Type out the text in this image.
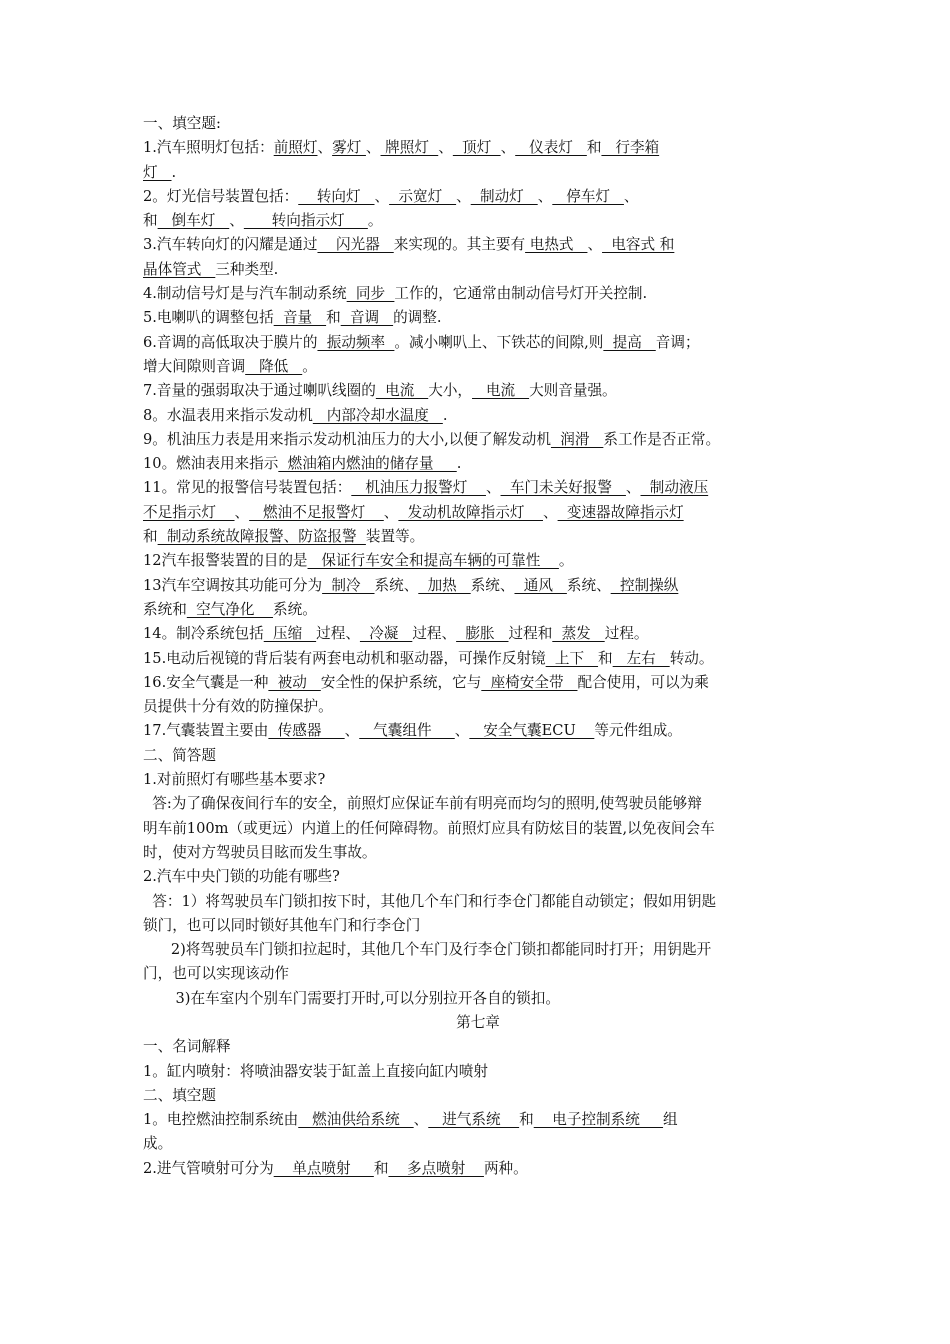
一、填空题:
1.汽车照明灯包括：前照灯、雾灯 、 牌照灯  、  顶灯  、   仪表灯   和   行李箱
灯   .
2。灯光信号装置包括：    转向灯   、  示宽灯   、  制动灯   、   停车灯   、
和   倒车灯   、      转向指示灯     。
3.汽车转向灯的闪耀是通过    闪光器   来实现的。其主要有 电热式   、  电容式 和
晶体管式   三种类型.
4.制动信号灯是与汽车制动系统  同步  工作的，它通常由制动信号灯开关控制.
5.电喇叭的调整包括  音量   和  音调   的调整.
6.音调的高低取决于膜片的  振动频率  。减小喇叭上、下铁芯的间隙,则  提高   音调；
增大间隙则音调   降低   。
7.音量的强弱取决于通过喇叭线圈的  电流   大小，   电流   大则音量强。
8。水温表用来指示发动机   内部冷却水温度   .
9。机油压力表是用来指示发动机油压力的大小,以便了解发动机  润滑   系工作是否正常。
10。燃油表用来指示  燃油箱内燃油的储存量     .
11。常见的报警信号装置包括：   机油压力报警灯    、  车门未关好报警   、  制动液压
不足指示灯    、   燃油不足报警灯    、  发动机故障指示灯    、  变速器故障指示灯
和  制动系统故障报警、防盗报警  装置等。
12汽车报警装置的目的是   保证行车安全和提高车辆的可靠性    。
13汽车空调按其功能可分为  制冷   系统、  加热   系统、  通风   系统、  控制操纵
系统和  空气净化    系统。
14。制冷系统包括  压缩   过程、  冷凝   过程、  膨胀   过程和  蒸发   过程。
15.电动后视镜的背后装有两套电动机和驱动器，可操作反射镜  上下   和   左右   转动。
16.安全气囊是一种  被动   安全性的保护系统，它与  座椅安全带   配合使用，可以为乘
员提供十分有效的防撞保护。
17.气囊装置主要由  传感器     、   气囊组件     、   安全气囊ECU    等元件组成。
二、简答题
1.对前照灯有哪些基本要求?
答:为了确保夜间行车的安全，前照灯应保证车前有明亮而均匀的照明,使驾驶员能够辩
明车前100m（或更远）内道上的任何障碍物。前照灯应具有防炫目的装置,以免夜间会车
时，使对方驾驶员目眩而发生事故。
2.汽车中央门锁的功能有哪些?
答：1）将驾驶员车门锁扣按下时，其他几个车门和行李仓门都能自动锁定；假如用钥匙
锁门，也可以同时锁好其他车门和行李仓门
2)将驾驶员车门锁扣拉起时，其他几个车门及行李仓门锁扣都能同时打开；用钥匙开
门，也可以实现该动作
3)在车室内个别车门需要打开时,可以分别拉开各自的锁扣。
第七章
一、名词解释
1。缸内喷射：将喷油器安装于缸盖上直接向缸内喷射
二、填空题
1。电控燃油控制系统由   燃油供给系统   、   进气系统    和    电子控制系统     组
成。
2.进气管喷射可分为    单点喷射     和    多点喷射    两种。
